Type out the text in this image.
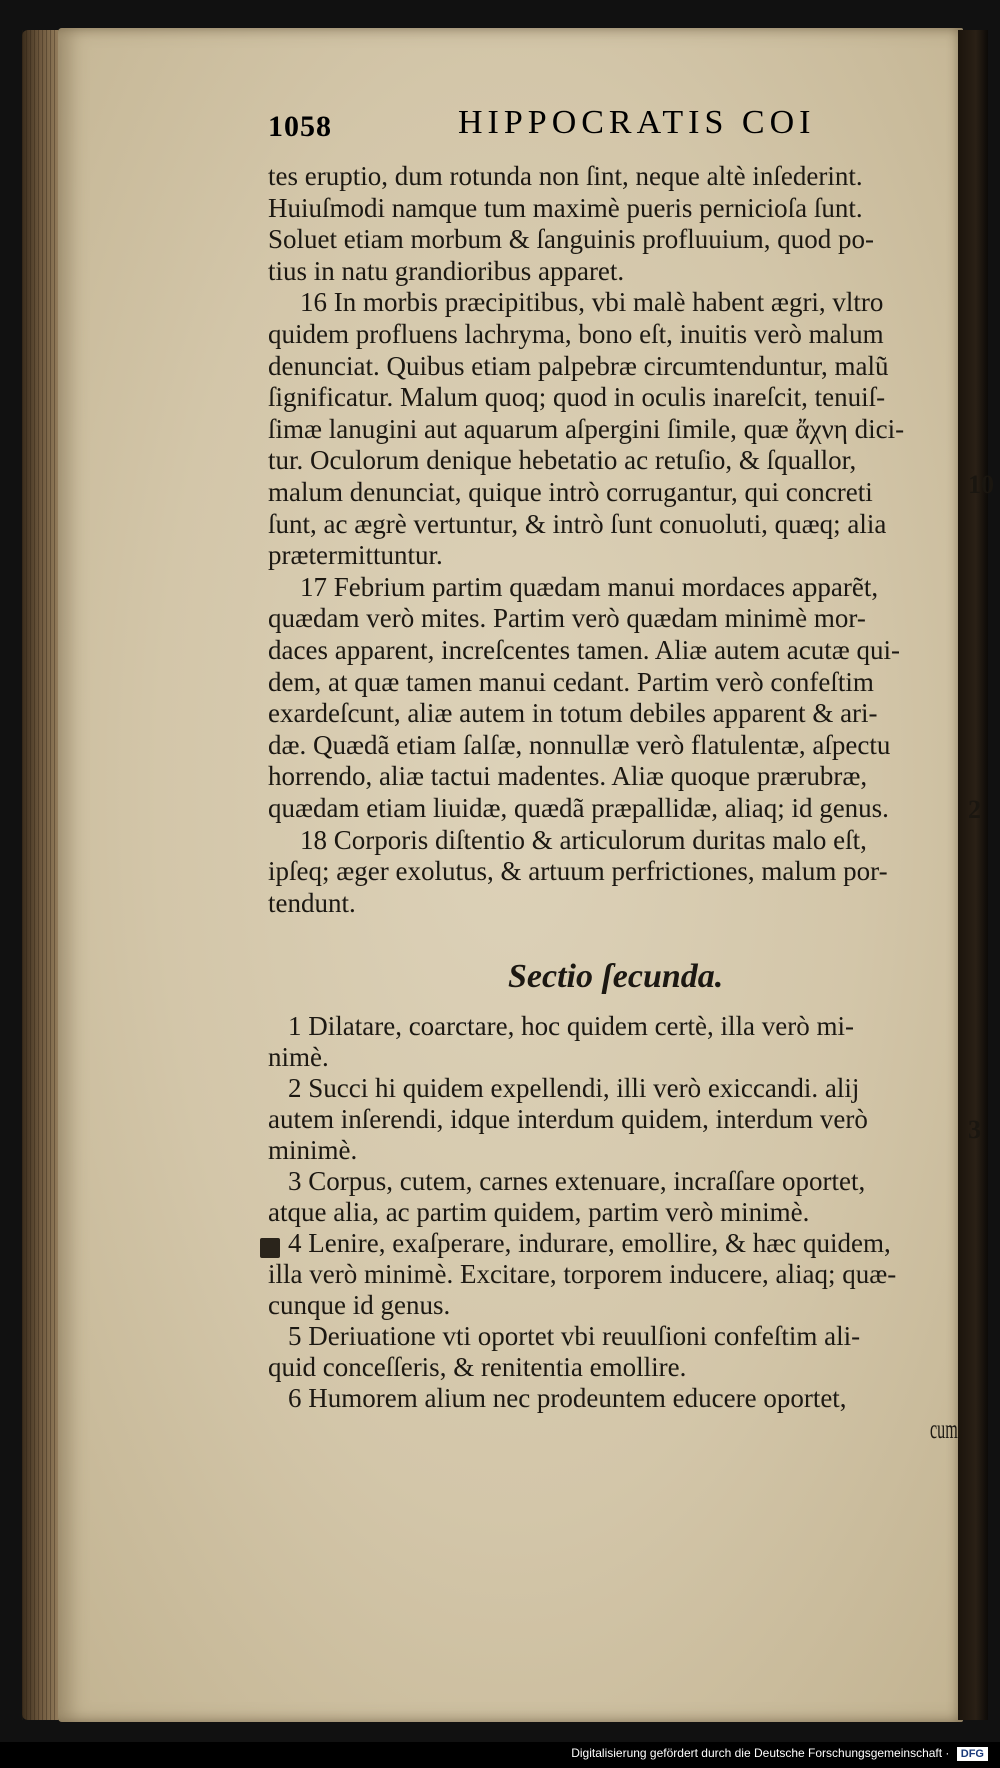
1058	HIPPOCRATIS COI
tes eruptio, dum rotunda non ſint, neque altè inſederint.
Huiuſmodi namque tum maximè pueris pernicioſa ſunt.
Soluet etiam morbum & ſanguinis profluuium, quod po-
tius in natu grandioribus apparet.
16 In morbis præcipitibus, vbi malè habent ægri, vltro
quidem profluens lachryma, bono eſt, inuitis verò malum
denunciat. Quibus etiam palpebræ circumtenduntur, malũ
ſignificatur. Malum quoq; quod in oculis inareſcit, tenuiſ-
ſimæ lanugini aut aquarum aſpergini ſimile, quæ ἄχνη dici-
tur. Oculorum denique hebetatio ac retuſio, & ſquallor,
malum denunciat, quique intrò corrugantur, qui concreti
ſunt, ac ægrè vertuntur, & intrò ſunt conuoluti, quæq; alia
prætermittuntur.
17 Febrium partim quædam manui mordaces apparẽt,
quædam verò mites. Partim verò quædam minimè mor-
daces apparent, increſcentes tamen. Aliæ autem acutæ qui-
dem, at quæ tamen manui cedant. Partim verò confeſtim
exardeſcunt, aliæ autem in totum debiles apparent & ari-
dæ. Quædã etiam ſalſæ, nonnullæ verò flatulentæ, aſpectu
horrendo, aliæ tactui madentes. Aliæ quoque prærubræ,
quædam etiam liuidæ, quædã præpallidæ, aliaq; id genus.
18 Corporis diſtentio & articulorum duritas malo eſt,
ipſeq; æger exolutus, & artuum perfrictiones, malum por-
tendunt.
Sectio ſecunda.
1 Dilatare, coarctare, hoc quidem certè, illa verò mi-
nimè.
2 Succi hi quidem expellendi, illi verò exiccandi. alij
autem inſerendi, idque interdum quidem, interdum verò
minimè.
3 Corpus, cutem, carnes extenuare, incraſſare oportet,
atque alia, ac partim quidem, partim verò minimè.
4 Lenire, exaſperare, indurare, emollire, & hæc quidem,
illa verò minimè. Excitare, torporem inducere, aliaq; quæ-
cunque id genus.
5 Deriuatione vti oportet vbi reuulſioni confeſtim ali-
quid conceſſeris, & renitentia emollire.
6 Humorem alium nec prodeuntem educere oportet,
cum
10
2
3
Digitalisierung gefördert durch die Deutsche Forschungsgemeinschaft · DFG
